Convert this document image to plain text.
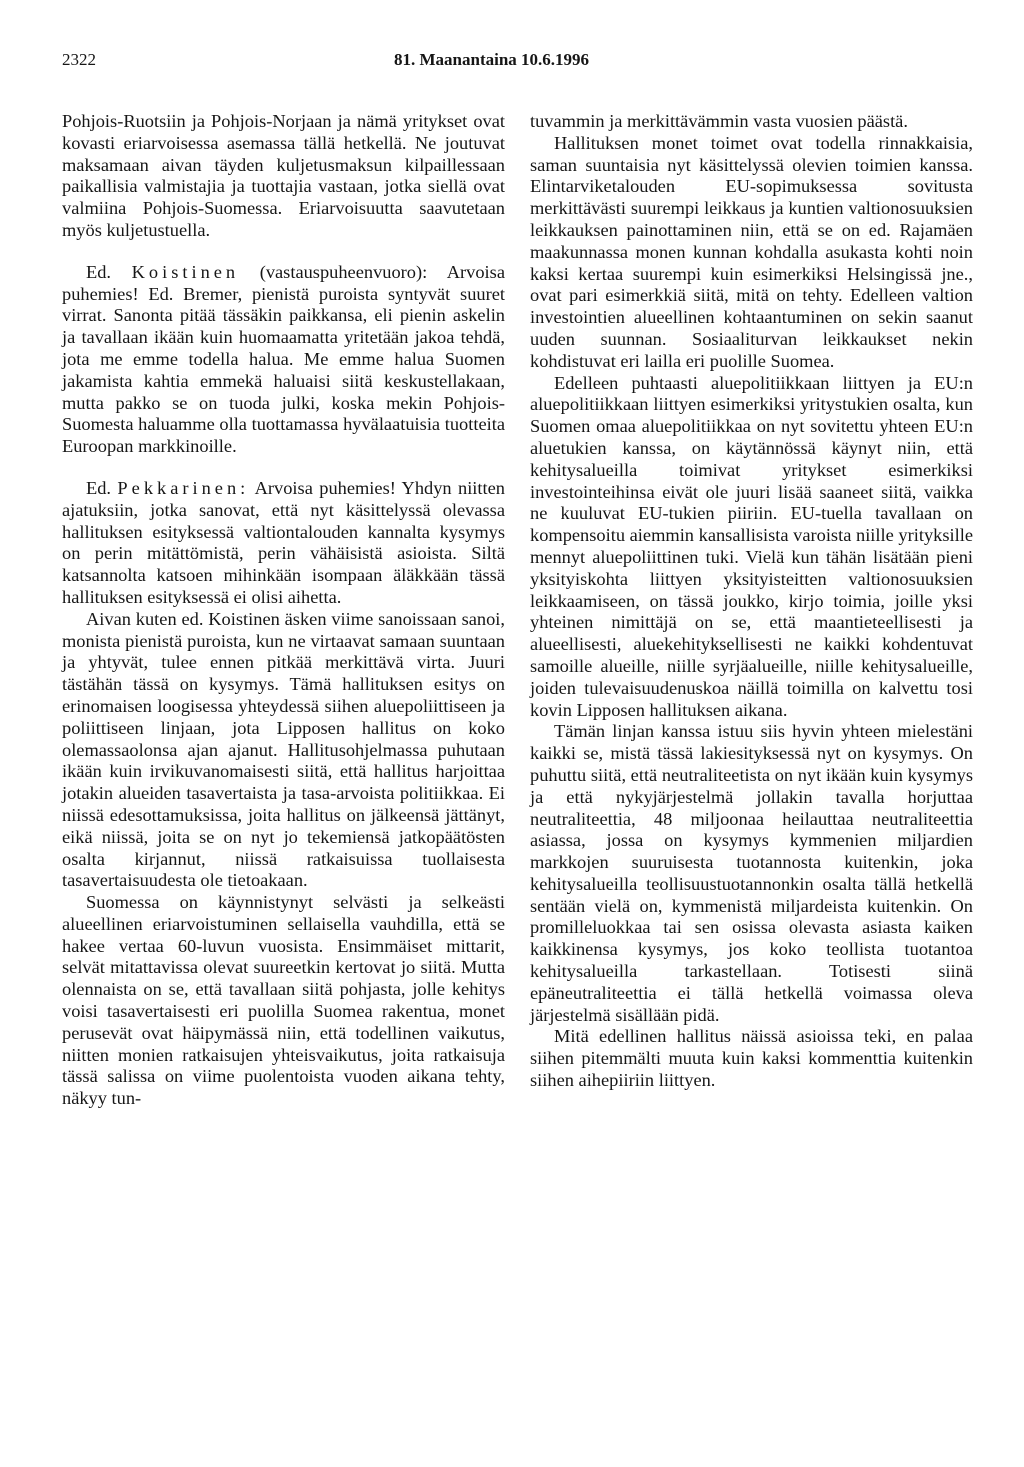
2322	81. Maanantaina 10.6.1996

Pohjois-Ruotsiin ja Pohjois-Norjaan ja nämä yritykset ovat kovasti eriarvoisessa asemassa tällä hetkellä. Ne joutuvat maksamaan aivan täyden kuljetusmaksun kilpaillessaan paikallisia valmistajia ja tuottajia vastaan, jotka siellä ovat valmiina Pohjois-Suomessa. Eriarvoisuutta saavutetaan myös kuljetustuella.

Ed. Koistinen (vastauspuheenvuoro): Arvoisa puhemies! Ed. Bremer, pienistä puroista syntyvät suuret virrat. Sanonta pitää tässäkin paikkansa, eli pienin askelin ja tavallaan ikään kuin huomaamatta yritetään jakoa tehdä, jota me emme todella halua. Me emme halua Suomen jakamista kahtia emmekä haluaisi siitä keskustellakaan, mutta pakko se on tuoda julki, koska mekin Pohjois-Suomesta haluamme olla tuottamassa hyvälaatuisia tuotteita Euroopan markkinoille.

Ed. Pekkarinen: Arvoisa puhemies! Yhdyn niitten ajatuksiin, jotka sanovat, että nyt käsittelyssä olevassa hallituksen esityksessä valtiontalouden kannalta kysymys on perin mitättömistä, perin vähäisistä asioista. Siltä katsannolta katsoen mihinkään isompaan äläkkään tässä hallituksen esityksessä ei olisi aihetta.

Aivan kuten ed. Koistinen äsken viime sanoissaan sanoi, monista pienistä puroista, kun ne virtaavat samaan suuntaan ja yhtyvät, tulee ennen pitkää merkittävä virta. Juuri tästähän tässä on kysymys. Tämä hallituksen esitys on erinomaisen loogisessa yhteydessä siihen aluepoliittiseen ja poliittiseen linjaan, jota Lipposen hallitus on koko olemassaolonsa ajan ajanut. Hallitusohjelmassa puhutaan ikään kuin irvikuvanomaisesti siitä, että hallitus harjoittaa jotakin alueiden tasavertaista ja tasa-arvoista politiikkaa. Ei niissä edesottamuksissa, joita hallitus on jälkeensä jättänyt, eikä niissä, joita se on nyt jo tekemiensä jatkopäätösten osalta kirjannut, niissä ratkaisuissa tuollaisesta tasavertaisuudesta ole tietoakaan.

Suomessa on käynnistynyt selvästi ja selkeästi alueellinen eriarvoistuminen sellaisella vauhdilla, että se hakee vertaa 60-luvun vuosista. Ensimmäiset mittarit, selvät mitattavissa olevat suureetkin kertovat jo siitä. Mutta olennaista on se, että tavallaan siitä pohjasta, jolle kehitys voisi tasavertaisesti eri puolilla Suomea rakentua, monet perusevät ovat häipymässä niin, että todellinen vaikutus, niitten monien ratkaisujen yhteisvaikutus, joita ratkaisuja tässä salissa on viime puolentoista vuoden aikana tehty, näkyy tun-

tuvammin ja merkittävämmin vasta vuosien päästä.

Hallituksen monet toimet ovat todella rinnakkaisia, saman suuntaisia nyt käsittelyssä olevien toimien kanssa. Elintarviketalouden EU-sopimuksessa sovitusta merkittävästi suurempi leikkaus ja kuntien valtionosuuksien leikkauksen painottaminen niin, että se on ed. Rajamäen maakunnassa monen kunnan kohdalla asukasta kohti noin kaksi kertaa suurempi kuin esimerkiksi Helsingissä jne., ovat pari esimerkkiä siitä, mitä on tehty. Edelleen valtion investointien alueellinen kohtaantuminen on sekin saanut uuden suunnan. Sosiaaliturvan leikkaukset nekin kohdistuvat eri lailla eri puolille Suomea.

Edelleen puhtaasti aluepolitiikkaan liittyen ja EU:n aluepolitiikkaan liittyen esimerkiksi yritystukien osalta, kun Suomen omaa aluepolitiikkaa on nyt sovitettu yhteen EU:n aluetukien kanssa, on käytännössä käynyt niin, että kehitysalueilla toimivat yritykset esimerkiksi investointeihinsa eivät ole juuri lisää saaneet siitä, vaikka ne kuuluvat EU-tukien piiriin. EU-tuella tavallaan on kompensoitu aiemmin kansallisista varoista niille yrityksille mennyt aluepoliittinen tuki. Vielä kun tähän lisätään pieni yksityiskohta liittyen yksityisteitten valtionosuuksien leikkaamiseen, on tässä joukko, kirjo toimia, joille yksi yhteinen nimittäjä on se, että maantieteellisesti ja alueellisesti, aluekehityksellisesti ne kaikki kohdentuvat samoille alueille, niille syrjäalueille, niille kehitysalueille, joiden tulevaisuudenuskoa näillä toimilla on kalvettu tosi kovin Lipposen hallituksen aikana.

Tämän linjan kanssa istuu siis hyvin yhteen mielestäni kaikki se, mistä tässä lakiesityksessä nyt on kysymys. On puhuttu siitä, että neutraliteetista on nyt ikään kuin kysymys ja että nykyjärjestelmä jollakin tavalla horjuttaa neutraliteettia, 48 miljoonaa heilauttaa neutraliteettia asiassa, jossa on kysymys kymmenien miljardien markkojen suuruisesta tuotannosta kuitenkin, joka kehitysalueilla teollisuustuotannonkin osalta tällä hetkellä sentään vielä on, kymmenistä miljardeista kuitenkin. On promilleluokkaa tai sen osissa olevasta asiasta kaiken kaikkinensa kysymys, jos koko teollista tuotantoa kehitysalueilla tarkastellaan. Totisesti siinä epäneutraliteettia ei tällä hetkellä voimassa oleva järjestelmä sisällään pidä.

Mitä edellinen hallitus näissä asioissa teki, en palaa siihen pitemmälti muuta kuin kaksi kommenttia kuitenkin siihen aihepiiriin liittyen.
